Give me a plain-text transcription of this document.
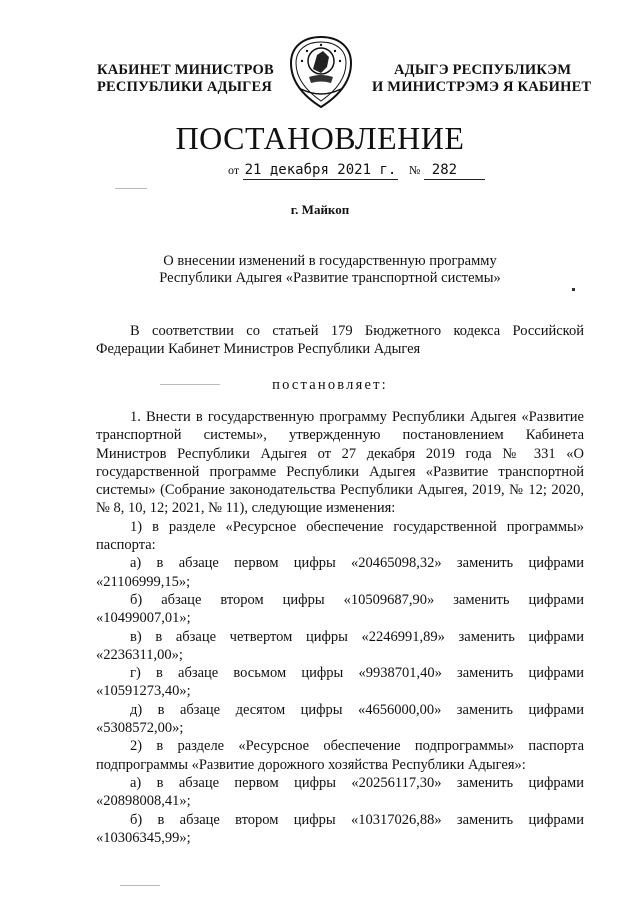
КАБИНЕТ МИНИСТРОВ
РЕСПУБЛИКИ АДЫГЕЯ
АДЫГЭ РЕСПУБЛИКЭМ
И МИНИСТРЭМЭ Я КАБИНЕТ
ПОСТАНОВЛЕНИЕ
от 21 декабря 2021 г. № 282
г. Майкоп
О внесении изменений в государственную программу
Республики Адыгея «Развитие транспортной системы»
В соответствии со статьей 179 Бюджетного кодекса Российской Федерации Кабинет Министров Республики Адыгея
постановляет:
1. Внести в государственную программу Республики Адыгея «Развитие транспортной системы», утвержденную постановлением Кабинета Министров Республики Адыгея от 27 декабря 2019 года № 331 «О государственной программе Республики Адыгея «Развитие транспортной системы» (Собрание законодательства Республики Адыгея, 2019, № 12; 2020, № 8, 10, 12; 2021, № 11), следующие изменения:
1) в разделе «Ресурсное обеспечение государственной программы» паспорта:
а) в абзаце первом цифры «20465098,32» заменить цифрами «21106999,15»;
б) абзаце втором цифры «10509687,90» заменить цифрами «10499007,01»;
в) в абзаце четвертом цифры «2246991,89» заменить цифрами «2236311,00»;
г) в абзаце восьмом цифры «9938701,40» заменить цифрами «10591273,40»;
д) в абзаце десятом цифры «4656000,00» заменить цифрами «5308572,00»;
2) в разделе «Ресурсное обеспечение подпрограммы» паспорта подпрограммы «Развитие дорожного хозяйства Республики Адыгея»:
а) в абзаце первом цифры «20256117,30» заменить цифрами «20898008,41»;
б) в абзаце втором цифры «10317026,88» заменить цифрами «10306345,99»;
